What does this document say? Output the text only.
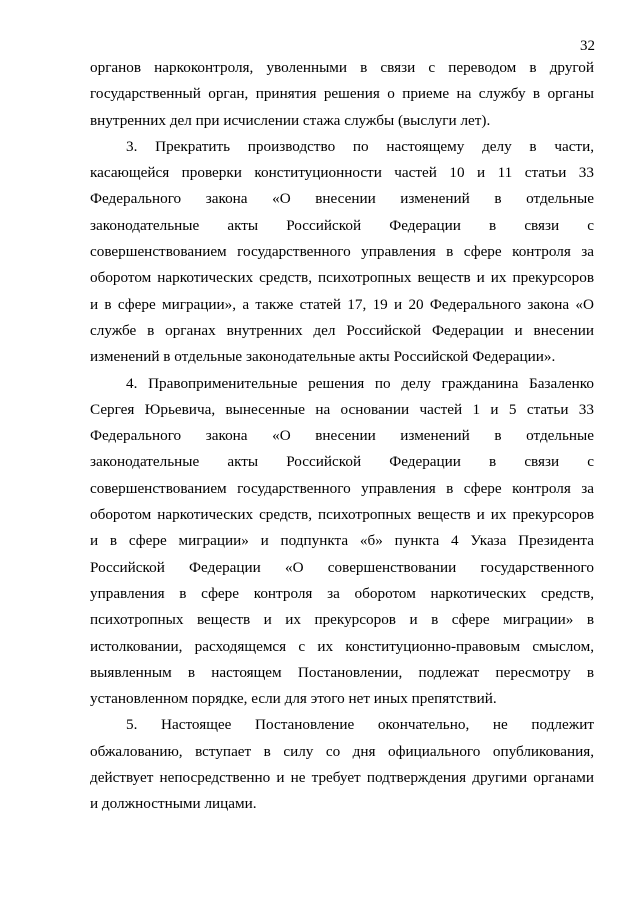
32
органов наркоконтроля, уволенными в связи с переводом в другой
государственный орган, принятия решения о приеме на службу в органы
внутренних дел при исчислении стажа службы (выслуги лет).
3. Прекратить производство по настоящему делу в части,
касающейся проверки конституционности частей 10 и 11 статьи 33
Федерального закона «О внесении изменений в отдельные
законодательные акты Российской Федерации в связи с
совершенствованием государственного управления в сфере контроля за
оборотом наркотических средств, психотропных веществ и их прекурсоров
и в сфере миграции», а также статей 17, 19 и 20 Федерального закона «О
службе в органах внутренних дел Российской Федерации и внесении
изменений в отдельные законодательные акты Российской Федерации».
4. Правоприменительные решения по делу гражданина Базаленко
Сергея Юрьевича, вынесенные на основании частей 1 и 5 статьи 33
Федерального закона «О внесении изменений в отдельные
законодательные акты Российской Федерации в связи с
совершенствованием государственного управления в сфере контроля за
оборотом наркотических средств, психотропных веществ и их прекурсоров
и в сфере миграции» и подпункта «б» пункта 4 Указа Президента
Российской Федерации «О совершенствовании государственного
управления в сфере контроля за оборотом наркотических средств,
психотропных веществ и их прекурсоров и в сфере миграции» в
истолковании, расходящемся с их конституционно-правовым смыслом,
выявленным в настоящем Постановлении, подлежат пересмотру в
установленном порядке, если для этого нет иных препятствий.
5. Настоящее Постановление окончательно, не подлежит
обжалованию, вступает в силу со дня официального опубликования,
действует непосредственно и не требует подтверждения другими органами
и должностными лицами.
